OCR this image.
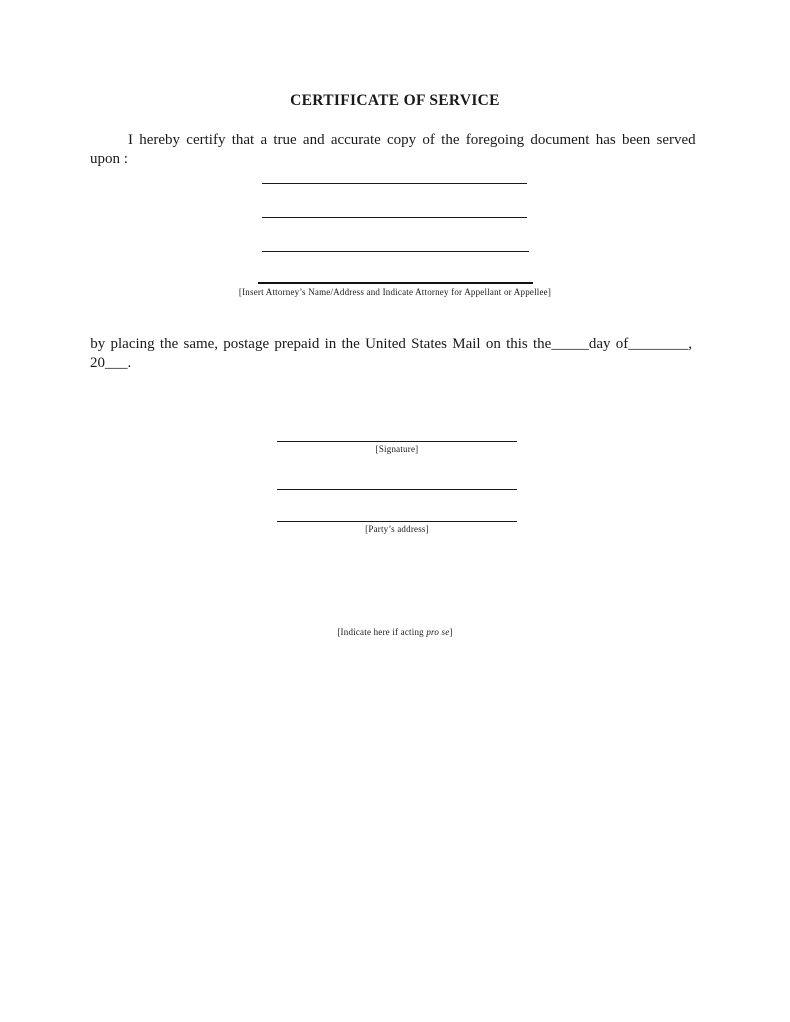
CERTIFICATE OF SERVICE
I hereby certify that a true and accurate copy of the foregoing document has been served
upon :
[Insert Attorney’s Name/Address and Indicate Attorney for Appellant or Appellee]
by placing the same, postage prepaid in the United States Mail on this the_____day of________,
20___.
[Signature]
[Party’s address]
[Indicate here if acting pro se]
